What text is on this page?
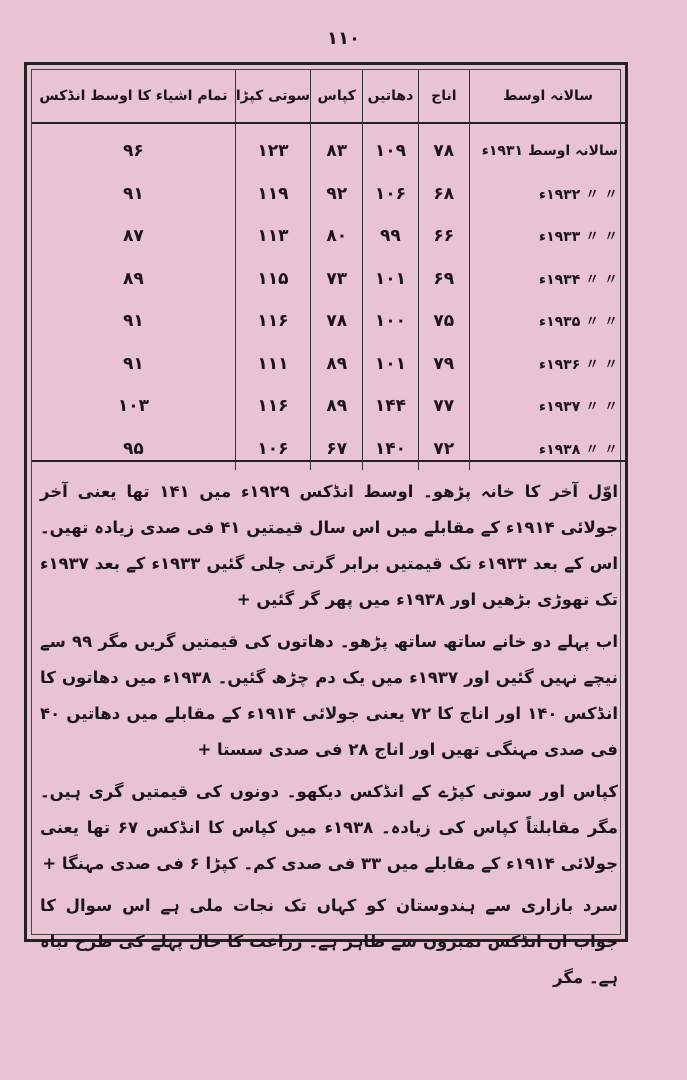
١١٠
سالانہ اوسط	اناج	دھاتیں	کپاس	سوتی کپڑا	تمام اشیاء کا اوسط انڈکس
سالانہ اوسط ۱۹۳۱ء	۷۸	۱۰۹	۸۳	۱۲۳	۹۶
〃 〃 ۱۹۳۲ء	۶۸	۱۰۶	۹۲	۱۱۹	۹۱
〃 〃 ۱۹۳۳ء	۶۶	۹۹	۸۰	۱۱۳	۸۷
〃 〃 ۱۹۳۴ء	۶۹	۱۰۱	۷۳	۱۱۵	۸۹
〃 〃 ۱۹۳۵ء	۷۵	۱۰۰	۷۸	۱۱۶	۹۱
〃 〃 ۱۹۳۶ء	۷۹	۱۰۱	۸۹	۱۱۱	۹۱
〃 〃 ۱۹۳۷ء	۷۷	۱۴۴	۸۹	۱۱۶	۱۰۳
〃 〃 ۱۹۳۸ء	۷۲	۱۴۰	۶۷	۱۰۶	۹۵

اوّل آخر کا خانہ پڑھو۔ اوسط انڈکس ۱۹۲۹ء میں ۱۴۱ تھا یعنی آخر جولائی ۱۹۱۴ء کے مقابلے میں اس سال قیمتیں ۴۱ فی صدی زیادہ تھیں۔ اس کے بعد ۱۹۳۳ء تک قیمتیں برابر گرتی چلی گئیں ۱۹۳۳ء کے بعد ۱۹۳۷ء تک تھوڑی بڑھیں اور ۱۹۳۸ء میں پھر گر گئیں +

اب پہلے دو خانے ساتھ ساتھ پڑھو۔ دھاتوں کی قیمتیں گریں مگر ۹۹ سے نیچے نہیں گئیں اور ۱۹۳۷ء میں یک دم چڑھ گئیں۔ ۱۹۳۸ء میں دھاتوں کا انڈکس ۱۴۰ اور اناج کا ۷۲ یعنی جولائی ۱۹۱۴ء کے مقابلے میں دھاتیں ۴۰ فی صدی مہنگی تھیں اور اناج ۲۸ فی صدی سستا +

کپاس اور سوتی کپڑے کے انڈکس دیکھو۔ دونوں کی قیمتیں گری ہیں۔ مگر مقابلتاً کپاس کی زیادہ۔ ۱۹۳۸ء میں کپاس کا انڈکس ۶۷ تھا یعنی جولائی ۱۹۱۴ء کے مقابلے میں ۳۳ فی صدی کم۔ کپڑا ۶ فی صدی مہنگا +

سرد بازاری سے ہندوستان کو کہاں تک نجات ملی ہے اس سوال کا جواب ان انڈکس نمبروں سے ظاہر ہے۔ زراعت کا حال پہلے کی طرح تباہ ہے۔ مگر
